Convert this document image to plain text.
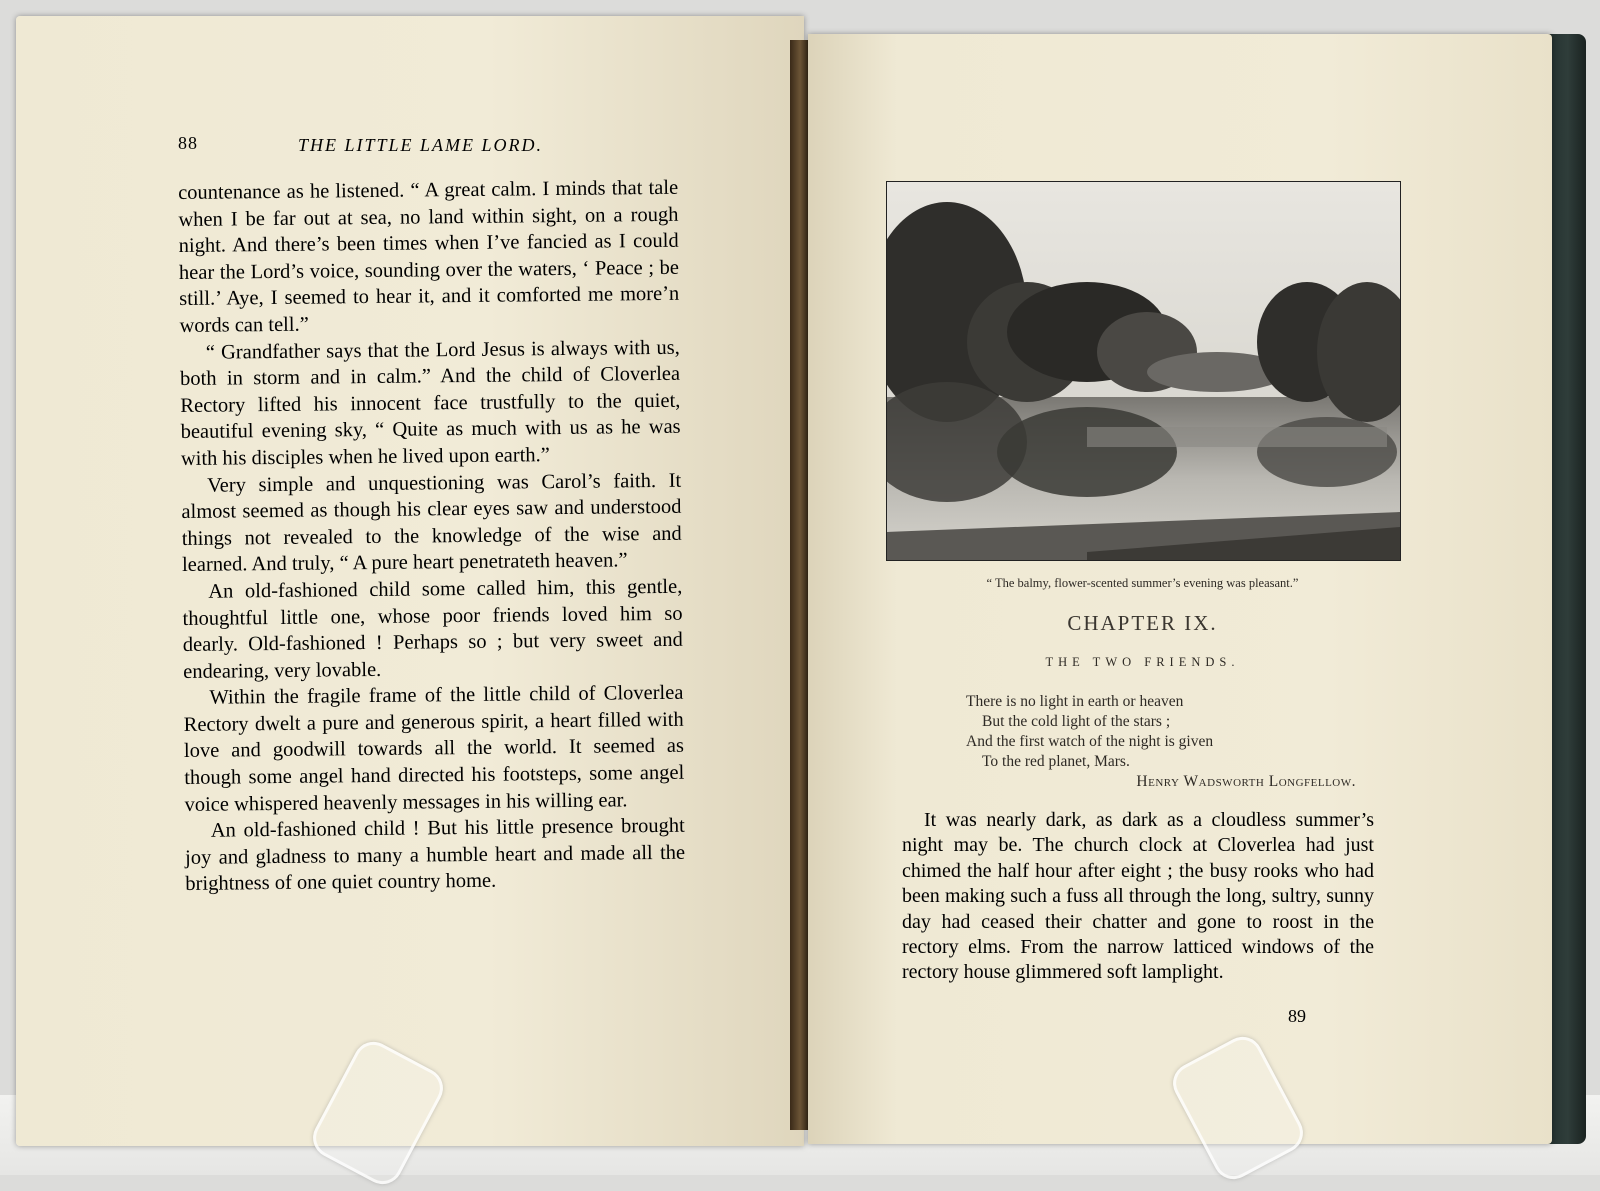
88	THE LITTLE LAME LORD.

countenance as he listened. “ A great calm. I minds that tale when I be far out at sea, no land within sight, on a rough night. And there’s been times when I’ve fancied as I could hear the Lord’s voice, sounding over the waters, ‘ Peace ; be still.’ Aye, I seemed to hear it, and it comforted me more’n words can tell.”

“ Grandfather says that the Lord Jesus is always with us, both in storm and in calm.” And the child of Cloverlea Rectory lifted his innocent face trustfully to the quiet, beautiful evening sky, “ Quite as much with us as he was with his disciples when he lived upon earth.”

Very simple and unquestioning was Carol’s faith. It almost seemed as though his clear eyes saw and understood things not revealed to the knowledge of the wise and learned. And truly, “ A pure heart penetrateth heaven.”

An old-fashioned child some called him, this gentle, thoughtful little one, whose poor friends loved him so dearly. Old-fashioned ! Perhaps so ; but very sweet and endearing, very lovable.

Within the fragile frame of the little child of Cloverlea Rectory dwelt a pure and generous spirit, a heart filled with love and goodwill towards all the world. It seemed as though some angel hand directed his footsteps, some angel voice whispered heavenly messages in his willing ear.

An old-fashioned child ! But his little presence brought joy and gladness to many a humble heart and made all the brightness of one quiet country home.

“ The balmy, flower-scented summer’s evening was pleasant.”
CHAPTER IX.
THE TWO FRIENDS.
There is no light in earth or heaven
But the cold light of the stars ;
And the first watch of the night is given
To the red planet, Mars.
Henry Wadsworth Longfellow.

It was nearly dark, as dark as a cloudless summer’s night may be. The church clock at Cloverlea had just chimed the half hour after eight ; the busy rooks who had been making such a fuss all through the long, sultry, sunny day had ceased their chatter and gone to roost in the rectory elms. From the narrow latticed windows of the rectory house glimmered soft lamplight.

89
